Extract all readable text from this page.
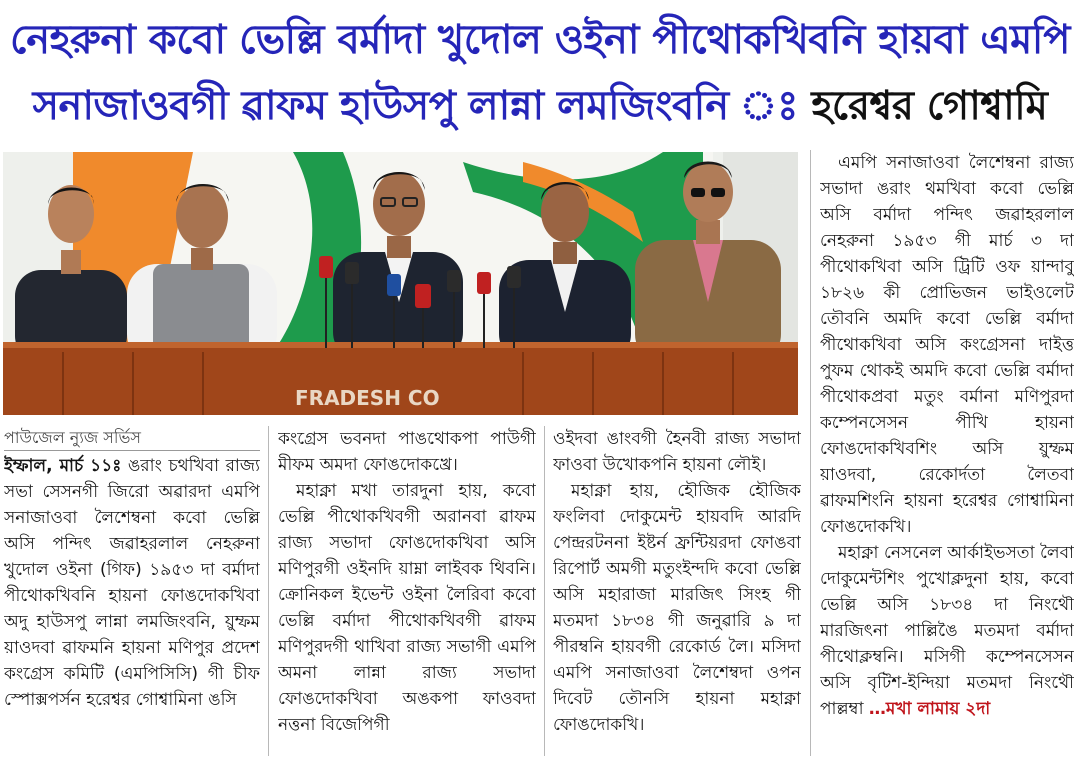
নেহরুনা কবো ভেল্লি বর্মাদা খুদোল ওইনা পীথোকখিবনি হায়বা এমপি
সনাজাওবগী ৱাফম হাউসপু লান্না লমজিংবনি ঃ হরেশ্বর গোশ্বামি
FRADESH CO
পাউজেল ন্যুজ সর্ভিস

ইম্ফাল, মার্চ ১১ঃ ঙরাং চথখিবা রাজ্য সভা সেসনগী জিরো অৱারদা এমপি সনাজাওবা লৈশেম্বনা কবো ভেল্লি অসি পন্দিৎ জৱাহরলাল নেহরুনা খুদোল ওইনা (গিফ) ১৯৫৩ দা বর্মাদা পীথোকখিবনি হায়না ফোঙদোকখিবা অদু হাউসপু লান্না লমজিংবনি, য়ুম্ফম য়াওদবা ৱাফমনি হায়না মণিপুর প্রদেশ কংগ্রেস কমিটি (এমপিসিসি) গী চীফ স্পোক্সপর্সন হরেশ্বর গোশ্বামিনা ঙসি

কংগ্রেস ভবনদা পাঙথোকপা পাউগী মীফম অমদা ফোঙদোকখ্রে।

মহাক্না মখা তারদুনা হায়, কবো ভেল্লি পীথোকখিবগী অরানবা ৱাফম রাজ্য সভাদা ফোঙদোকখিবা অসি মণিপুরগী ওইনদি য়াম্না লাইবক থিবনি। ক্রোনিকল ইভেন্ট ওইনা লৈরিবা কবো ভেল্লি বর্মাদা পীথোকখিবগী ৱাফম মণিপুরদগী থাখিবা রাজ্য সভাগী এমপি অমনা লান্না রাজ্য সভাদা ফোঙদোকখিবা অঙকপা ফাওবদা নত্তনা বিজেপিগী

ওইদবা ঙাংবগী হৈনবী রাজ্য সভাদা ফাওবা উখোকপনি হায়না লৌই।

মহাক্না হায়, হৌজিক হৌজিক ফংলিবা দোকুমেন্ট হায়বদি আরদি পেন্দ্ৰরটননা ইষ্টর্ন ফ্রন্টিয়রদা ফোঙবা রিপোর্ট অমগী মতুংইন্দদি কবো ভেল্লি অসি মহারাজা মারজিৎ সিংহ গী মতমদা ১৮৩৪ গী জনুৱারি ৯ দা পীরম্বনি হায়বগী রেকোর্ড লৈ। মসিদা এমপি সনাজাওবা লৈশেম্বদা ওপন দিবেট তৌনসি হায়না মহাক্না ফোঙদোকখি।

এমপি সনাজাওবা লৈশেম্বনা রাজ্য সভাদা ঙরাং থমখিবা কবো ভেল্লি অসি বর্মাদা পন্দিৎ জৱাহরলাল নেহরুনা ১৯৫৩ গী মার্চ ৩ দা পীথোকখিবা অসি ট্রিটি ওফ য়ান্দাবু ১৮২৬ কী প্রোভিজন ভাইওলেট তৌবনি অমদি কবো ভেল্লি বর্মাদা পীথোকখিবা অসি কংগ্রেসনা দাইত্ত পুফম থোকই অমদি কবো ভেল্লি বর্মাদা পীথোকপ্রবা মতুং বর্মানা মণিপুরদা কম্পেনসেসন পীখি হায়না ফোঙদোকখিবশিং অসি য়ুম্ফম য়াওদবা, রেকোর্দতা লৈতবা ৱাফমশিংনি হায়না হরেশ্বর গোশ্বামিনা ফোঙদোকখি।

মহাক্না নেসনেল আর্কাইভসতা লৈবা দোকুমেন্টশিং পুখোক্লদুনা হায়, কবো ভেল্লি অসি ১৮৩৪ দা নিংথৌ মারজিৎনা পাল্লিঙৈ মতমদা বর্মাদা পীথোক্লম্বনি। মসিগী কম্পেনসেসন অসি বৃটিশ-ইন্দিয়া মতমদা নিংথৌ পাল্লম্বা …মখা লামায় ২দা
